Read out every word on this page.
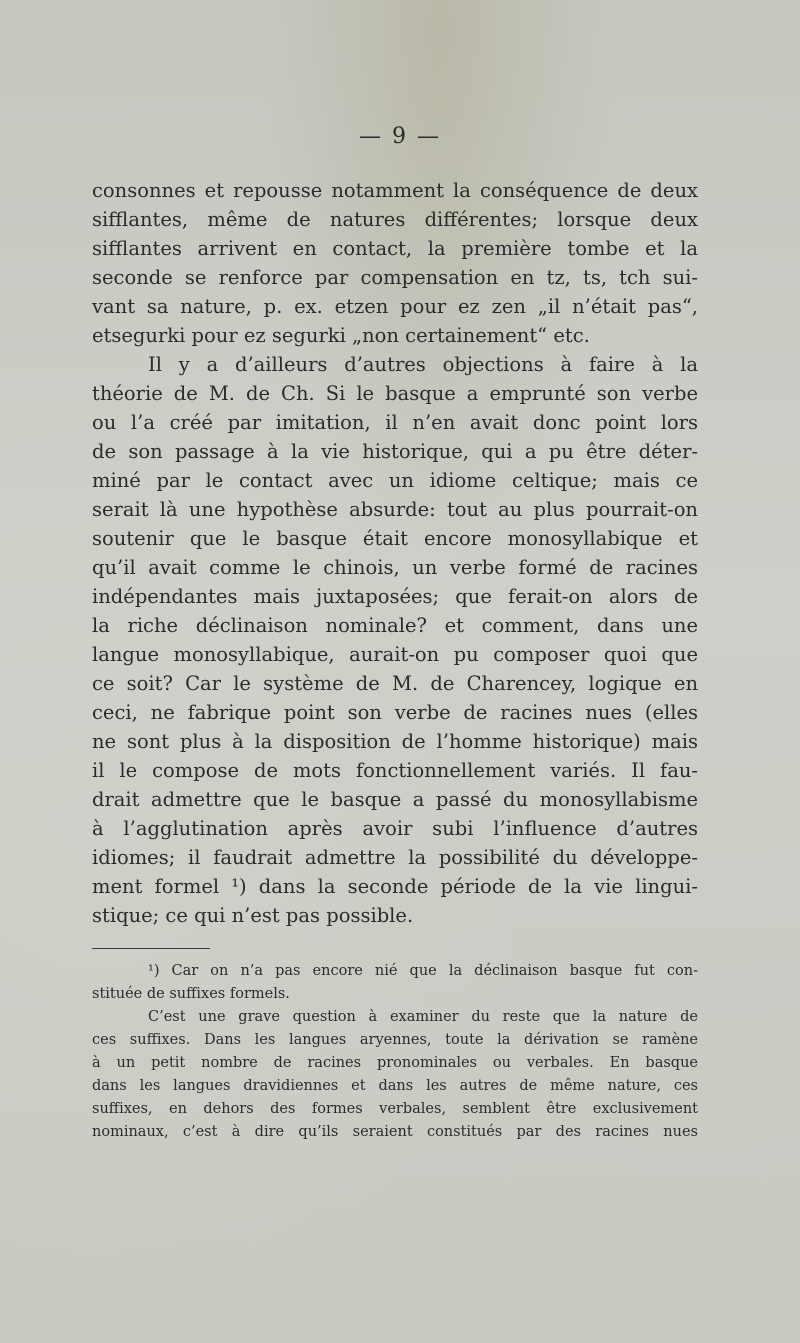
— 9 —
consonnes et repousse notamment la conséquence de deux
sifflantes, même de natures différentes; lorsque deux
sifflantes arrivent en contact, la première tombe et la
seconde se renforce par compensation en tz, ts, tch sui-
vant sa nature, p. ex. etzen pour ez zen „il n’était pas“,
etsegurki pour ez segurki „non certainement“ etc.
Il y a d’ailleurs d’autres objections à faire à la
théorie de M. de Ch. Si le basque a emprunté son verbe
ou l’a créé par imitation, il n’en avait donc point lors
de son passage à la vie historique, qui a pu être déter-
miné par le contact avec un idiome celtique; mais ce
serait là une hypothèse absurde: tout au plus pourrait-on
soutenir que le basque était encore monosyllabique et
qu’il avait comme le chinois, un verbe formé de racines
indépendantes mais juxtaposées; que ferait-on alors de
la riche déclinaison nominale? et comment, dans une
langue monosyllabique, aurait-on pu composer quoi que
ce soit? Car le système de M. de Charencey, logique en
ceci, ne fabrique point son verbe de racines nues (elles
ne sont plus à la disposition de l’homme historique) mais
il le compose de mots fonctionnellement variés. Il fau-
drait admettre que le basque a passé du monosyllabisme
à l’agglutination après avoir subi l’influence d’autres
idiomes; il faudrait admettre la possibilité du développe-
ment formel ¹) dans la seconde période de la vie lingui-
stique; ce qui n’est pas possible.
¹) Car on n’a pas encore nié que la déclinaison basque fut con-
stituée de suffixes formels.
C’est une grave question à examiner du reste que la nature de
ces suffixes. Dans les langues aryennes, toute la dérivation se ramène
à un petit nombre de racines pronominales ou verbales. En basque
dans les langues dravidiennes et dans les autres de même nature, ces
suffixes, en dehors des formes verbales, semblent être exclusivement
nominaux, c’est à dire qu’ils seraient constitués par des racines nues
